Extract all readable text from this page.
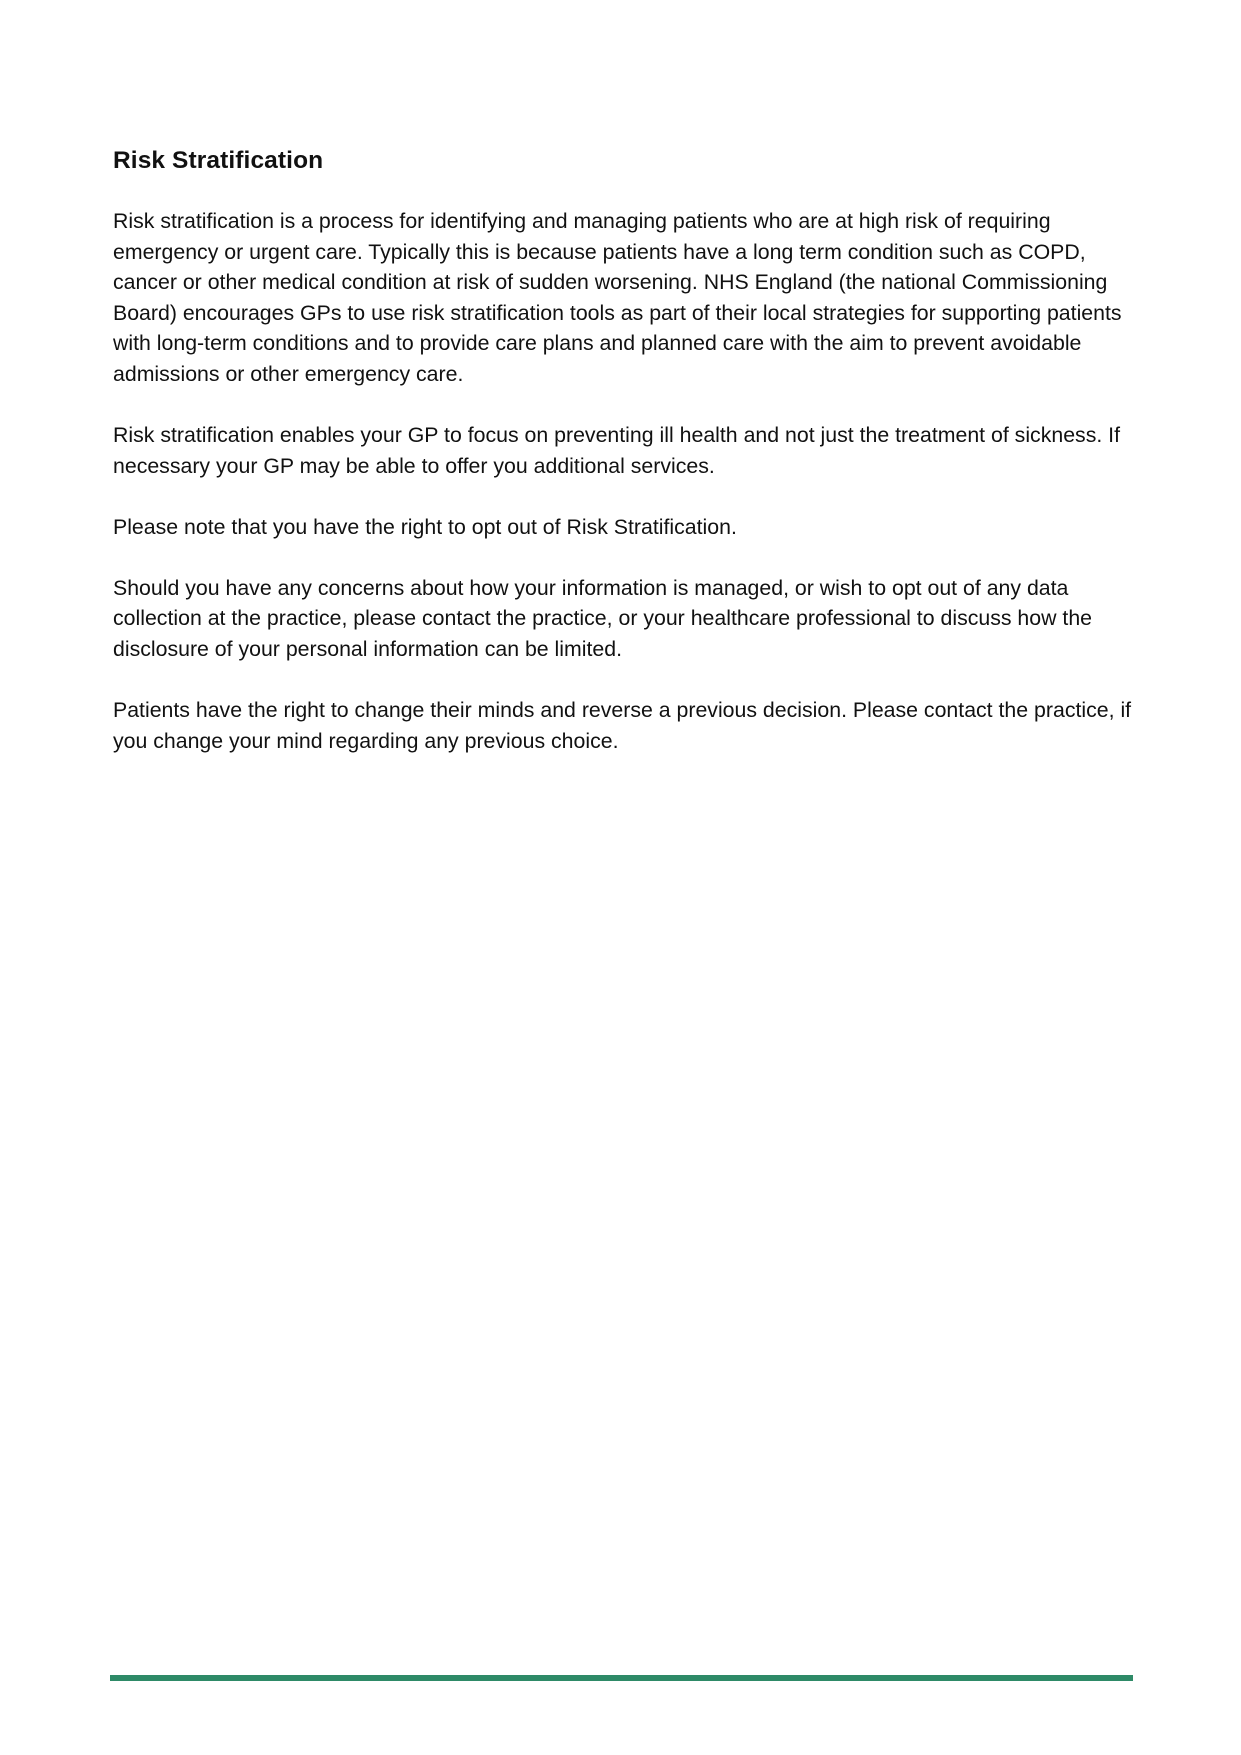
Risk Stratification

Risk stratification is a process for identifying and managing patients who are at high risk of requiring emergency or urgent care. Typically this is because patients have a long term condition such as COPD, cancer or other medical condition at risk of sudden worsening. NHS England (the national Commissioning Board) encourages GPs to use risk stratification tools as part of their local strategies for supporting patients with long-term conditions and to provide care plans and planned care with the aim to prevent avoidable admissions or other emergency care.

Risk stratification enables your GP to focus on preventing ill health and not just the treatment of sickness. If necessary your GP may be able to offer you additional services.

Please note that you have the right to opt out of Risk Stratification.

Should you have any concerns about how your information is managed, or wish to opt out of any data collection at the practice, please contact the practice, or your healthcare professional to discuss how the disclosure of your personal information can be limited.

Patients have the right to change their minds and reverse a previous decision. Please contact the practice, if you change your mind regarding any previous choice.
